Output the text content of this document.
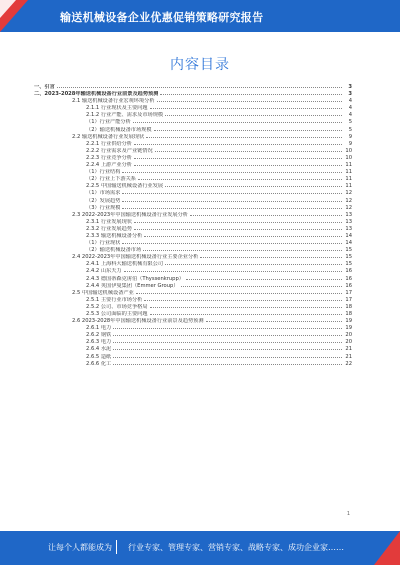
输送机械设备企业优惠促销策略研究报告
内容目录
一、引言	3
二、2023-2028年输送机械设备行业前景及趋势预测	3
2.1 输送机械设备行业宏观环境分析	4
2.1.1 行业现状及主要问题	4
2.1.2 行业产能、需求及市场规模	4
（1）行业产能分析	5
（2）输送机械设备市场规模	5
2.2 输送机械设备行业发展现状	9
2.2.1 行业供给分析	9
2.2.2 行业需求及产业链情况	10
2.2.3 行业竞争分析	10
2.2.4 上游产业分析	11
（1）行业结构	11
（2）行业上下游关系	11
2.2.5 中国输送机械设备行业发展	11
（1）市场需求	12
（2）发展趋势	12
（3）行业规模	12
2.3 2022-2023年中国输送机械设备行业发展分析	13
2.3.1 行业发展现状	13
2.3.2 行业发展趋势	13
2.3.3 输送机械设备分析	14
（1）行业现状	14
（2）输送机械设备市场	15
2.4 2022-2023年中国输送机械设备行业主要企业分析	15
2.4.1 上海科大输送机械有限公司	15
2.4.2 山东天力	16
2.4.3 德国蒂森克虏伯（Thyssenkrupp）	16
2.4.4 英国伊曼集团（Emmer Group）	16
2.5 中国输送机械设备产业	17
2.5.1 主要行业市场分析	17
2.5.2 公司、市场竞争格局	18
2.5.3 公司面临的主要问题	18
2.6 2023-2028年中国输送机械设备行业前景及趋势预测	19
2.6.1 电力	19
2.6.2 钢铁	20
2.6.3 电力	20
2.6.4 水泥	21
2.6.5 造纸	21
2.6.6 化工	22
1
让每个人都能成为 行业专家、管理专家、营销专家、战略专家、成功企业家……
